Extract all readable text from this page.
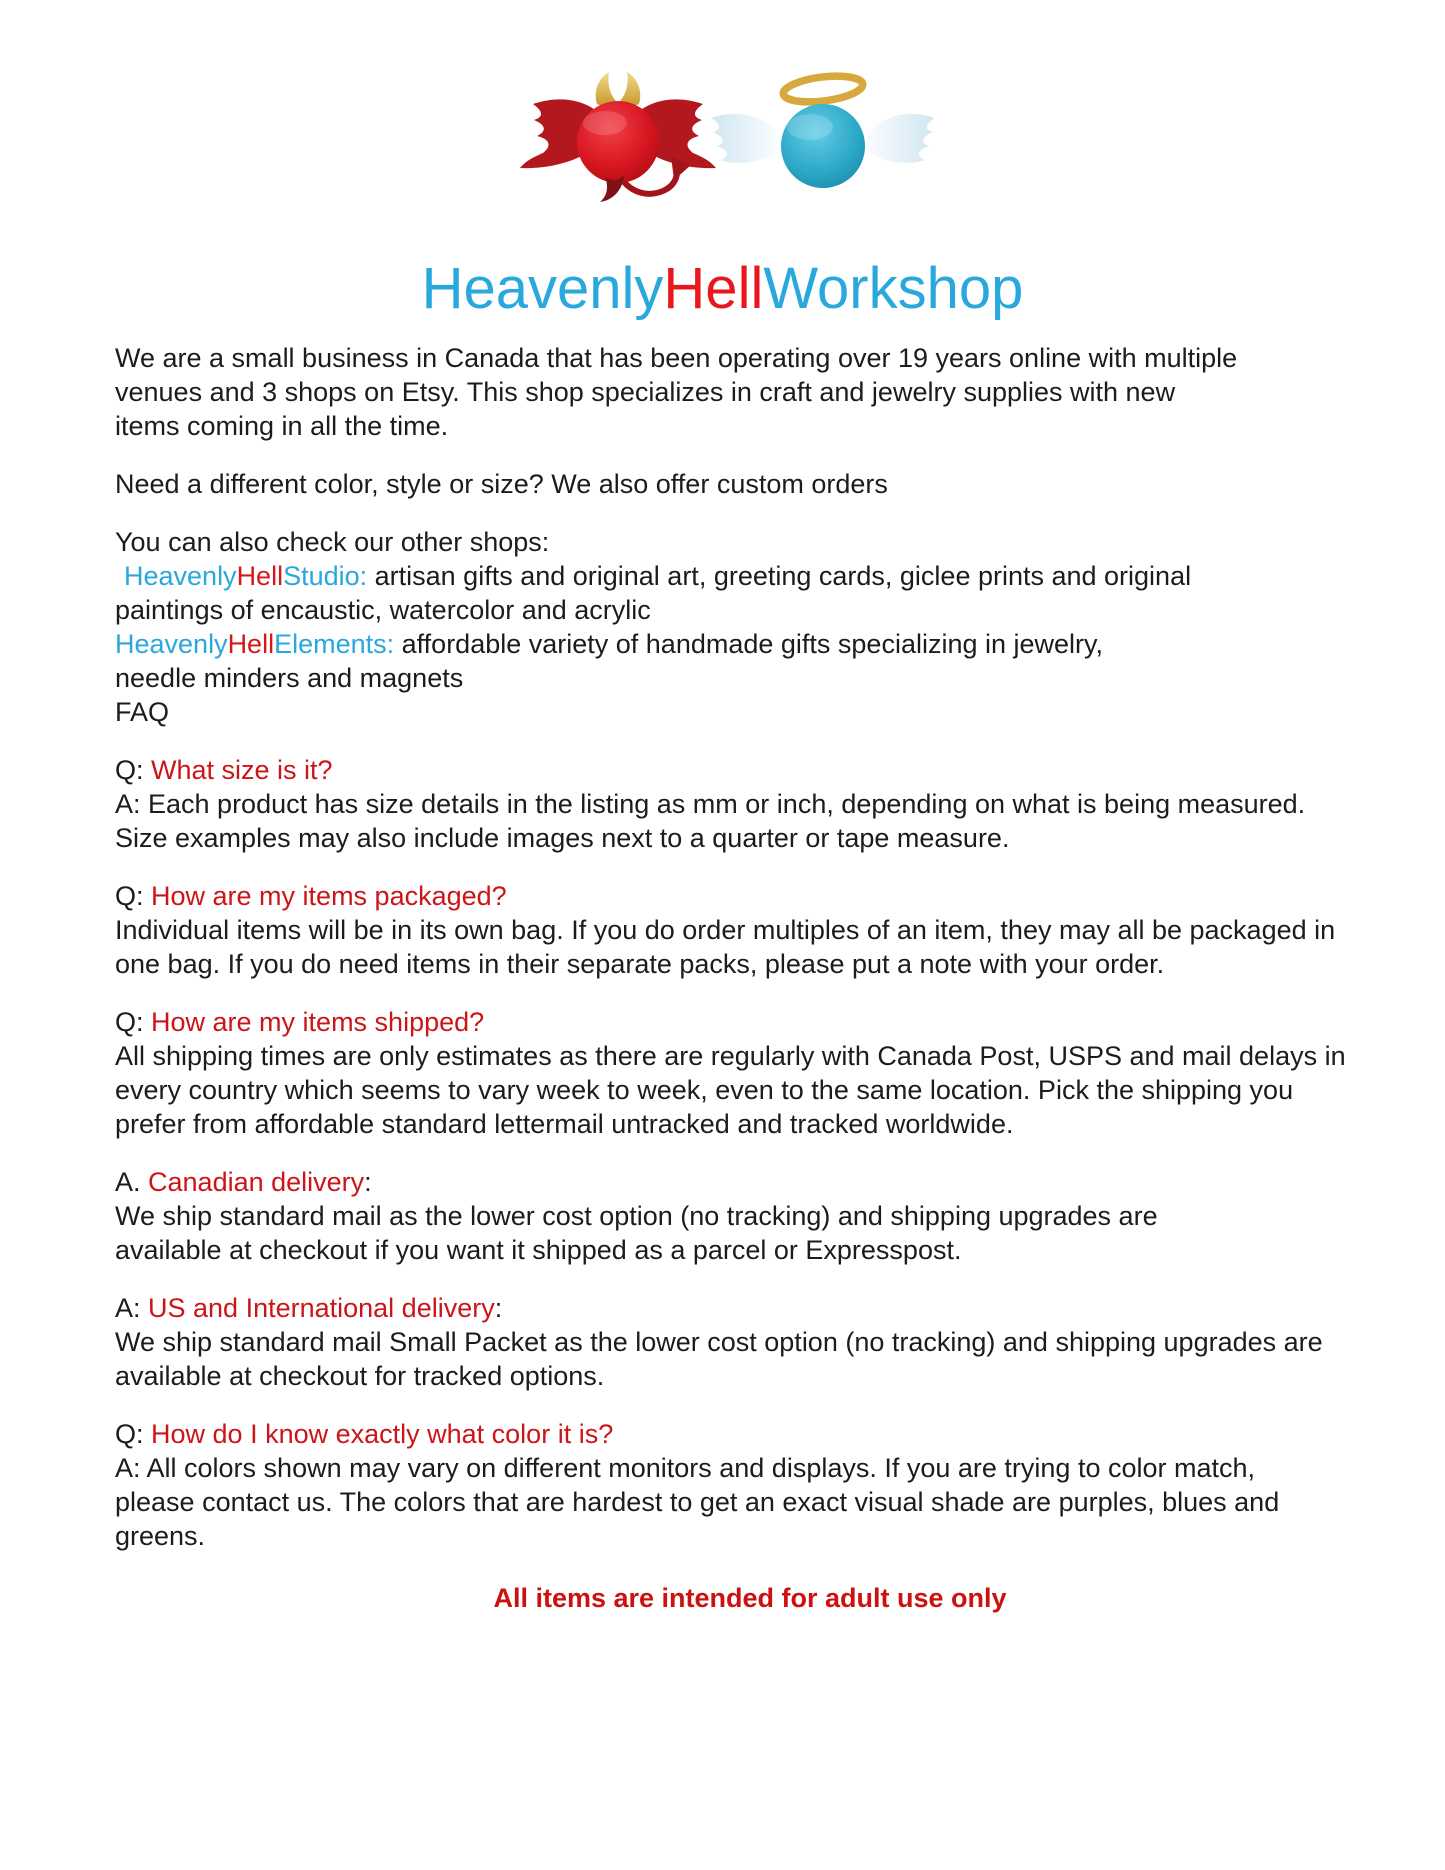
HeavenlyHellWorkshop
We are a small business in Canada that has been operating over 19 years online with multiple
venues and 3 shops on Etsy. This shop specializes in craft and jewelry supplies with new
items coming in all the time.
Need a different color, style or size? We also offer custom orders
You can also check our other shops:
HeavenlyHellStudio: artisan gifts and original art, greeting cards, giclee prints and original
paintings of encaustic, watercolor and acrylic
HeavenlyHellElements: affordable variety of handmade gifts specializing in jewelry,
needle minders and magnets
FAQ
Q: What size is it?
A: Each product has size details in the listing as mm or inch, depending on what is being measured.
Size examples may also include images next to a quarter or tape measure.
Q: How are my items packaged?
Individual items will be in its own bag. If you do order multiples of an item, they may all be packaged in
one bag. If you do need items in their separate packs, please put a note with your order.
Q: How are my items shipped?
All shipping times are only estimates as there are regularly with Canada Post, USPS and mail delays in
every country which seems to vary week to week, even to the same location. Pick the shipping you
prefer from affordable standard lettermail untracked and tracked worldwide.
A. Canadian delivery:
We ship standard mail as the lower cost option (no tracking) and shipping upgrades are
available at checkout if you want it shipped as a parcel or Expresspost.
A: US and International delivery:
We ship standard mail Small Packet as the lower cost option (no tracking) and shipping upgrades are
available at checkout for tracked options.
Q: How do I know exactly what color it is?
A: All colors shown may vary on different monitors and displays. If you are trying to color match,
please contact us. The colors that are hardest to get an exact visual shade are purples, blues and
greens.
All items are intended for adult use only
